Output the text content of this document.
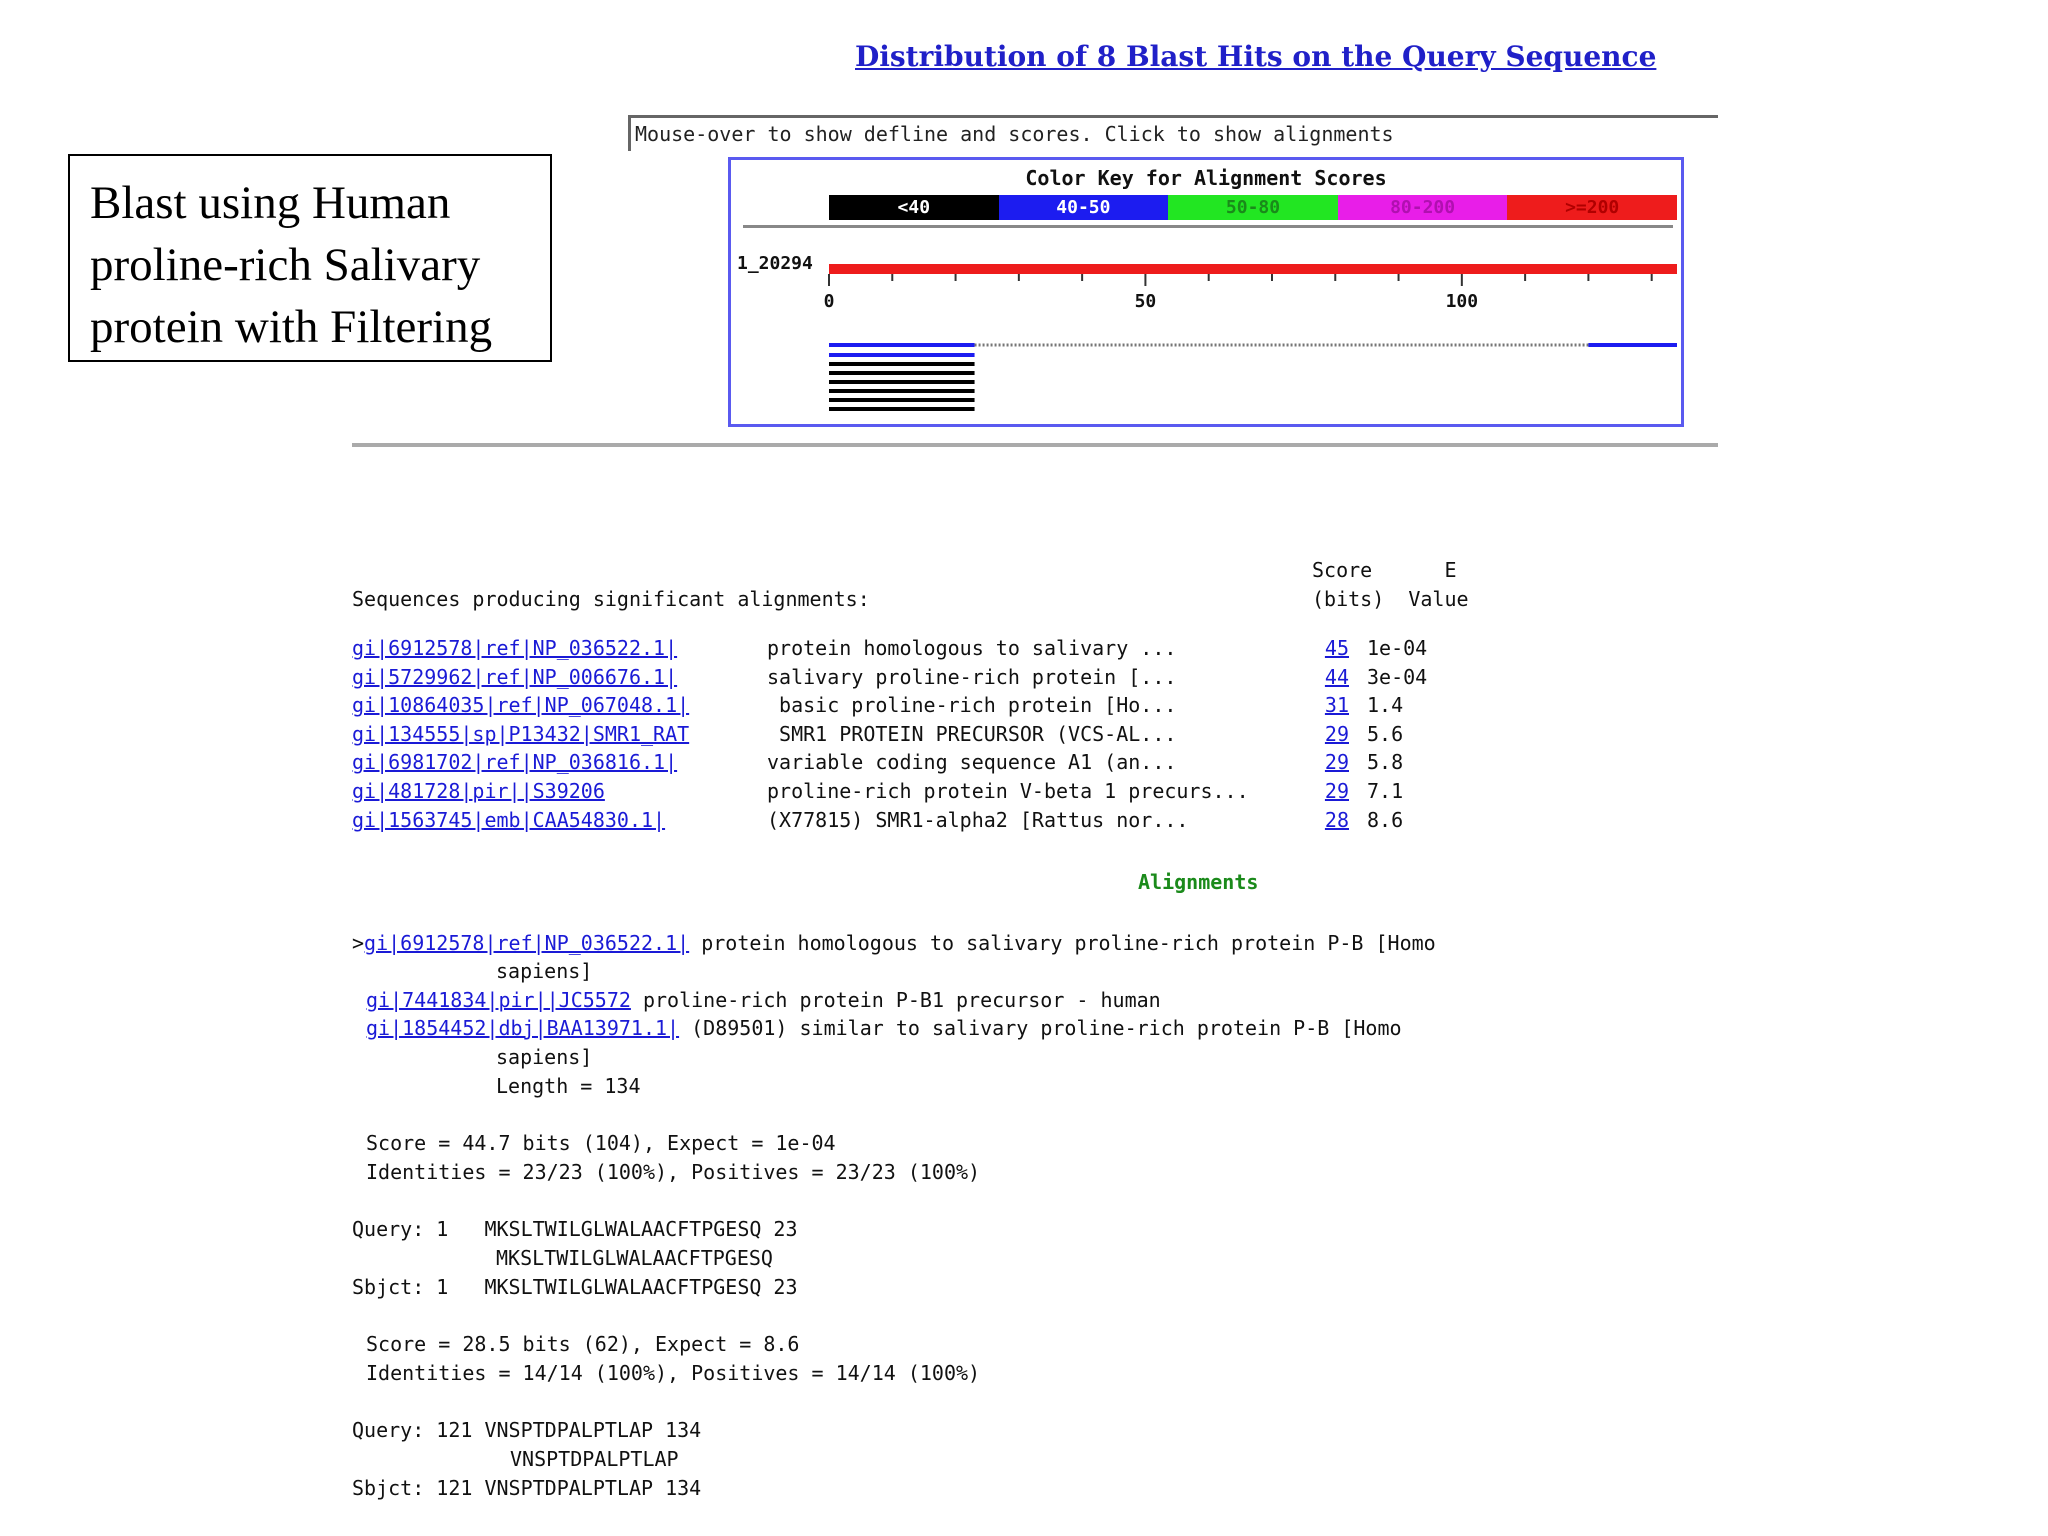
Blast using Human
proline-rich Salivary
protein with Filtering
Distribution of 8 Blast Hits on the Query Sequence
Mouse-over to show defline and scores. Click to show alignments
Color Key for Alignment Scores
<40	40-50	50-80	80-200	>=200
1_20294
0	50	100
Score      E
(bits)  Value
Sequences producing significant alignments:
gi|6912578|ref|NP_036522.1|	protein homologous to salivary ...	45 1e-04
gi|5729962|ref|NP_006676.1|	salivary proline-rich protein [...	44 3e-04
gi|10864035|ref|NP_067048.1|	basic proline-rich protein [Ho...	31 1.4
gi|134555|sp|P13432|SMR1_RAT	SMR1 PROTEIN PRECURSOR (VCS-AL...	29 5.6
gi|6981702|ref|NP_036816.1|	variable coding sequence A1 (an...	29 5.8
gi|481728|pir||S39206	proline-rich protein V-beta 1 precurs...	29 7.1
gi|1563745|emb|CAA54830.1|	(X77815) SMR1-alpha2 [Rattus nor...	28 8.6
Alignments
>gi|6912578|ref|NP_036522.1| protein homologous to salivary proline-rich protein P-B [Homo
sapiens]
gi|7441834|pir||JC5572 proline-rich protein P-B1 precursor - human
gi|1854452|dbj|BAA13971.1| (D89501) similar to salivary proline-rich protein P-B [Homo
sapiens]
Length = 134
Score = 44.7 bits (104), Expect = 1e-04
Identities = 23/23 (100%), Positives = 23/23 (100%)
Query: 1   MKSLTWILGLWALAACFTPGESQ 23
MKSLTWILGLWALAACFTPGESQ
Sbjct: 1   MKSLTWILGLWALAACFTPGESQ 23
Score = 28.5 bits (62), Expect = 8.6
Identities = 14/14 (100%), Positives = 14/14 (100%)
Query: 121 VNSPTDPALPTLAP 134
VNSPTDPALPTLAP
Sbjct: 121 VNSPTDPALPTLAP 134
